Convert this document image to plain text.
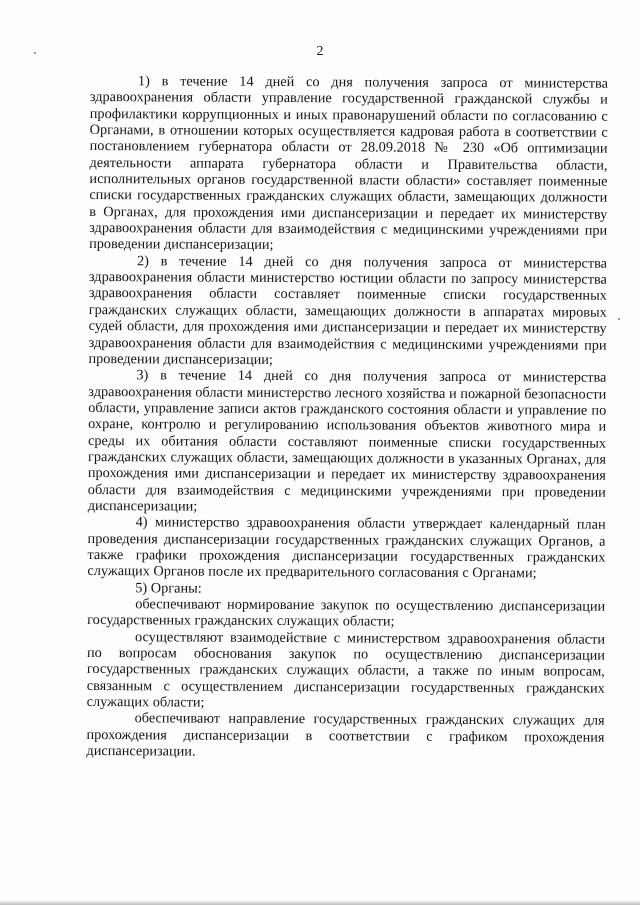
2

1) в течение 14 дней со дня получения запроса от министерства здравоохранения области управление государственной гражданской службы и профилактики коррупционных и иных правонарушений области по согласованию с Органами, в отношении которых осуществляется кадровая работа в соответствии с постановлением губернатора области от 28.09.2018 № 230 «Об оптимизации деятельности аппарата губернатора области и Правительства области, исполнительных органов государственной власти области» составляет поименные списки государственных гражданских служащих области, замещающих должности в Органах, для прохождения ими диспансеризации и передает их министерству здравоохранения области для взаимодействия с медицинскими учреждениями при проведении диспансеризации;

2) в течение 14 дней со дня получения запроса от министерства здравоохранения области министерство юстиции области по запросу министерства здравоохранения области составляет поименные списки государственных гражданских служащих области, замещающих должности в аппаратах мировых судей области, для прохождения ими диспансеризации и передает их министерству здравоохранения области для взаимодействия с медицинскими учреждениями при проведении диспансеризации;

3) в течение 14 дней со дня получения запроса от министерства здравоохранения области министерство лесного хозяйства и пожарной безопасности области, управление записи актов гражданского состояния области и управление по охране, контролю и регулированию использования объектов животного мира и среды их обитания области составляют поименные списки государственных гражданских служащих области, замещающих должности в указанных Органах, для прохождения ими диспансеризации и передает их министерству здравоохранения области для взаимодействия с медицинскими учреждениями при проведении диспансеризации;

4) министерство здравоохранения области утверждает календарный план проведения диспансеризации государственных гражданских служащих Органов, а также графики прохождения диспансеризации государственных гражданских служащих Органов после их предварительного согласования с Органами;

5) Органы:

обеспечивают нормирование закупок по осуществлению диспансеризации государственных гражданских служащих области;

осуществляют взаимодействие с министерством здравоохранения области по вопросам обоснования закупок по осуществлению диспансеризации государственных гражданских служащих области, а также по иным вопросам, связанным с осуществлением диспансеризации государственных гражданских служащих области;

обеспечивают направление государственных гражданских служащих для прохождения диспансеризации в соответствии с графиком прохождения диспансеризации.
